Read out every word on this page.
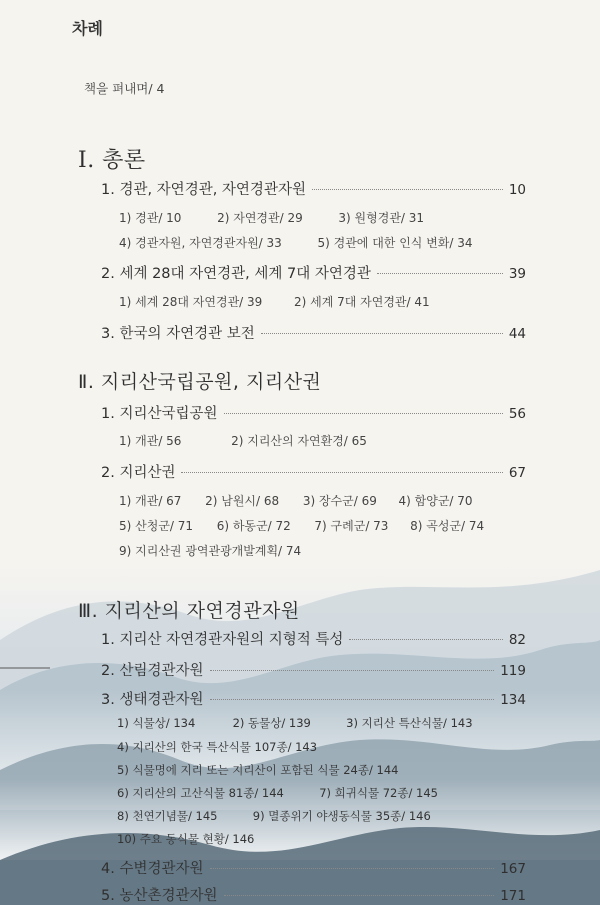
차례
책을 펴내며/ 4
Ⅰ. 총론
1. 경관, 자연경관, 자연경관자원	10
1) 경관/ 10	2) 자연경관/ 29	3) 원형경관/ 31
4) 경관자원, 자연경관자원/ 33	5) 경관에 대한 인식 변화/ 34
2. 세계 28대 자연경관, 세계 7대 자연경관	39
1) 세계 28대 자연경관/ 39	2) 세계 7대 자연경관/ 41
3. 한국의 자연경관 보전	44
Ⅱ. 지리산국립공원, 지리산권
1. 지리산국립공원	56
1) 개관/ 56	2) 지리산의 자연환경/ 65
2. 지리산권	67
1) 개관/ 67 2) 남원시/ 68 3) 장수군/ 69 4) 함양군/ 70
5) 산청군/ 71 6) 하동군/ 72 7) 구례군/ 73 8) 곡성군/ 74
9) 지리산권 광역관광개발계획/ 74
Ⅲ. 지리산의 자연경관자원
1. 지리산 자연경관자원의 지형적 특성	82
2. 산림경관자원	119
3. 생태경관자원	134
1) 식물상/ 134	2) 동물상/ 139	3) 지리산 특산식물/ 143
4) 지리산의 한국 특산식물 107종/ 143
5) 식물명에 지리 또는 지리산이 포함된 식물 24종/ 144
6) 지리산의 고산식물 81종/ 144	7) 희귀식물 72종/ 145
8) 천연기념물/ 145	9) 멸종위기 야생동식물 35종/ 146
10) 주요 동식물 현황/ 146
4. 수변경관자원	167
5. 농산촌경관자원	171
